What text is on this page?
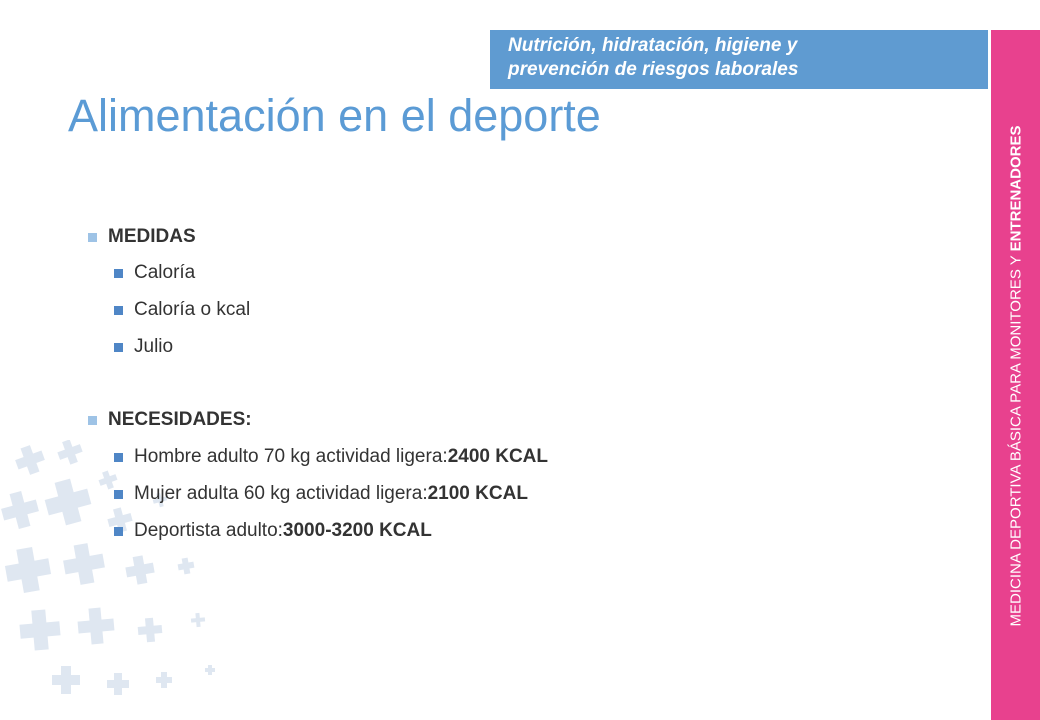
Nutrición, hidratación, higiene y
prevención de riesgos laborales
MEDICINA DEPORTIVA BÁSICA PARA MONITORES Y ENTRENADORES
Alimentación en el deporte
MEDIDAS
Caloría
Caloría o kcal
Julio
NECESIDADES:
Hombre adulto 70 kg actividad ligera: 2400 KCAL
Mujer adulta 60 kg actividad ligera: 2100 KCAL
Deportista adulto: 3000-3200 KCAL
